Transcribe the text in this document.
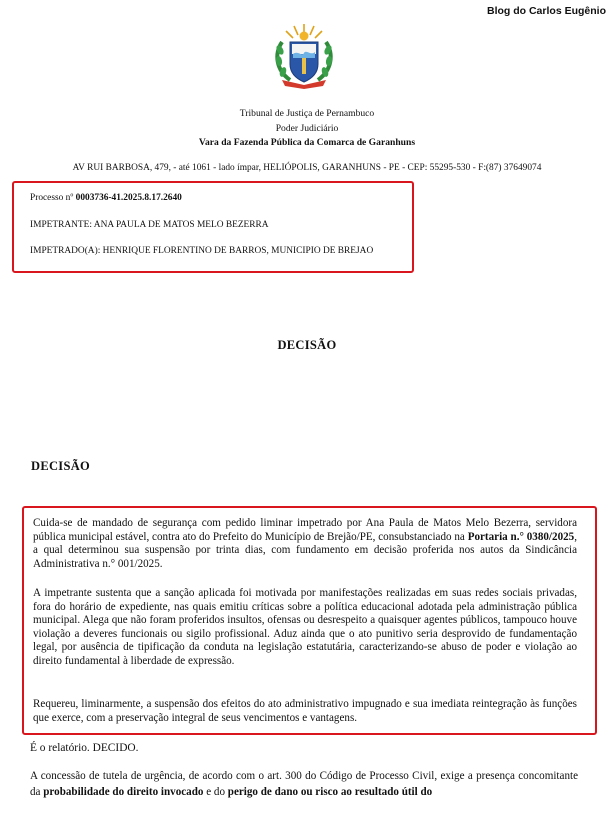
Blog do Carlos Eugênio
Tribunal de Justiça de Pernambuco
Poder Judiciário
Vara da Fazenda Pública da Comarca de Garanhuns
AV RUI BARBOSA, 479, - até 1061 - lado ímpar, HELIÓPOLIS, GARANHUNS - PE - CEP: 55295-530 - F:(87) 37649074

Processo nº 0003736-41.2025.8.17.2640

IMPETRANTE: ANA PAULA DE MATOS MELO BEZERRA

IMPETRADO(A): HENRIQUE FLORENTINO DE BARROS, MUNICIPIO DE BREJAO

DECISÃO
DECISÃO

Cuida-se de mandado de segurança com pedido liminar impetrado por Ana Paula de Matos Melo Bezerra, servidora pública municipal estável, contra ato do Prefeito do Município de Brejão/PE, consubstanciado na Portaria n.° 0380/2025, a qual determinou sua suspensão por trinta dias, com fundamento em decisão proferida nos autos da Sindicância Administrativa n.° 001/2025.

A impetrante sustenta que a sanção aplicada foi motivada por manifestações realizadas em suas redes sociais privadas, fora do horário de expediente, nas quais emitiu críticas sobre a política educacional adotada pela administração pública municipal. Alega que não foram proferidos insultos, ofensas ou desrespeito a quaisquer agentes públicos, tampouco houve violação a deveres funcionais ou sigilo profissional. Aduz ainda que o ato punitivo seria desprovido de fundamentação legal, por ausência de tipificação da conduta na legislação estatutária, caracterizando-se abuso de poder e violação ao direito fundamental à liberdade de expressão.

Requereu, liminarmente, a suspensão dos efeitos do ato administrativo impugnado e sua imediata reintegração às funções que exerce, com a preservação integral de seus vencimentos e vantagens.

É o relatório. DECIDO.

A concessão de tutela de urgência, de acordo com o art. 300 do Código de Processo Civil, exige a presença concomitante da probabilidade do direito invocado e do perigo de dano ou risco ao resultado útil do
